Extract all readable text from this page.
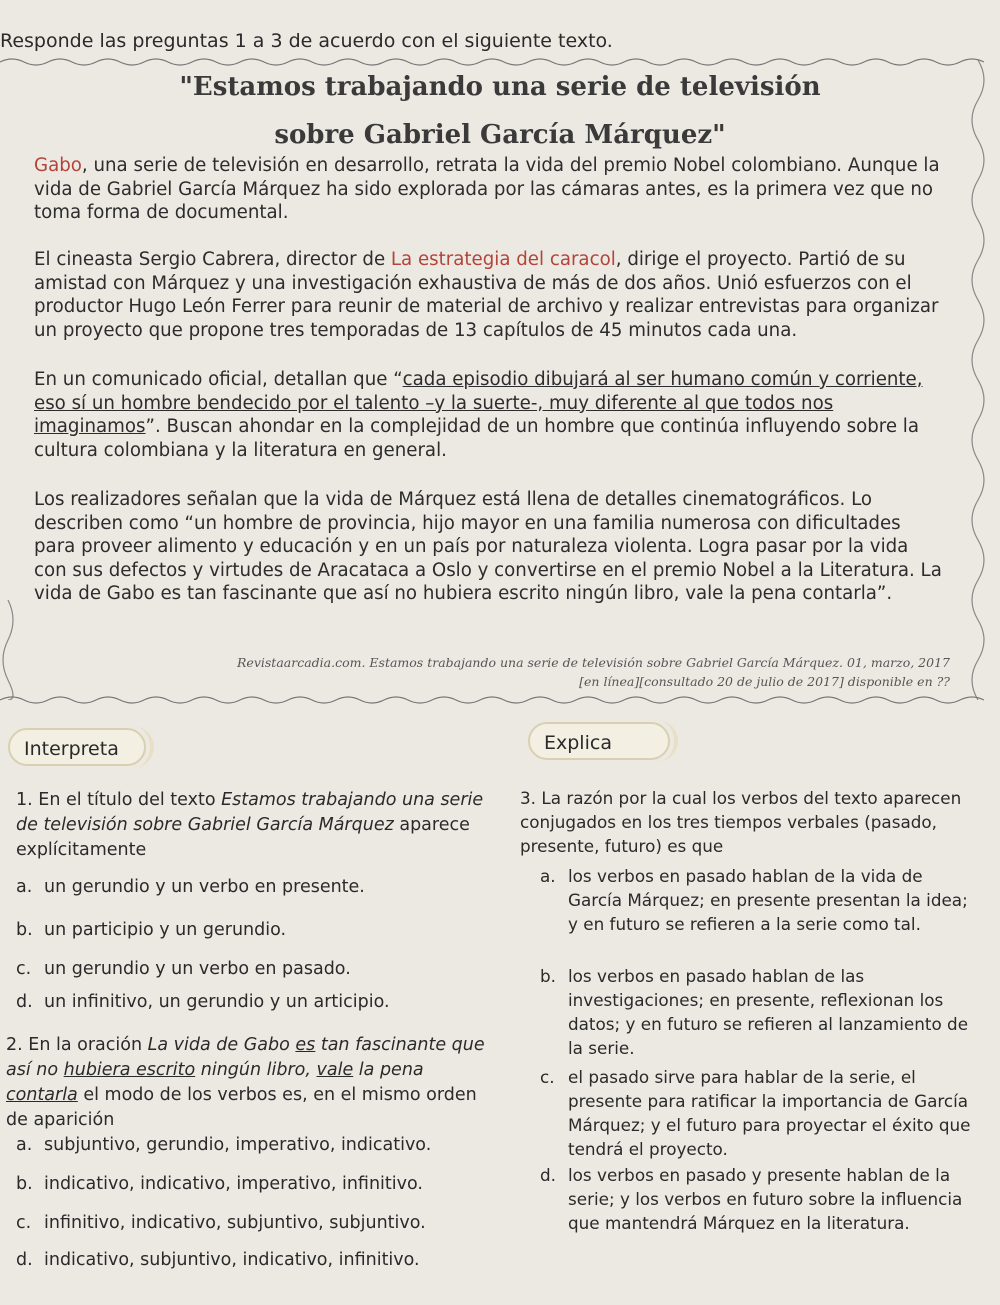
Responde las preguntas 1 a 3 de acuerdo con el siguiente texto.
"Estamos trabajando una serie de televisión
sobre Gabriel García Márquez"

Gabo, una serie de televisión en desarrollo, retrata la vida del premio Nobel colombiano. Aunque la vida de Gabriel García Márquez ha sido explorada por las cámaras antes, es la primera vez que no toma forma de documental.

El cineasta Sergio Cabrera, director de La estrategia del caracol, dirige el proyecto. Partió de su amistad con Márquez y una investigación exhaustiva de más de dos años. Unió esfuerzos con el productor Hugo León Ferrer para reunir de material de archivo y realizar entrevistas para organizar un proyecto que propone tres temporadas de 13 capítulos de 45 minutos cada una.

En un comunicado oficial, detallan que “cada episodio dibujará al ser humano común y corriente, eso sí un hombre bendecido por el talento –y la suerte-, muy diferente al que todos nos imaginamos”. Buscan ahondar en la complejidad de un hombre que continúa influyendo sobre la cultura colombiana y la literatura en general.

Los realizadores señalan que la vida de Márquez está llena de detalles cinematográficos. Lo describen como “un hombre de provincia, hijo mayor en una familia numerosa con dificultades para proveer alimento y educación y en un país por naturaleza violenta. Logra pasar por la vida con sus defectos y virtudes de Aracataca a Oslo y convertirse en el premio Nobel a la Literatura. La vida de Gabo es tan fascinante que así no hubiera escrito ningún libro, vale la pena contarla”.

Revistaarcadia.com. Estamos trabajando una serie de televisión sobre Gabriel García Márquez. 01, marzo, 2017
[en línea][consultado 20 de julio de 2017] disponible en ??
Interpreta	Explica

1. En el título del texto Estamos trabajando una serie de televisión sobre Gabriel García Márquez aparece explícitamente

a. un gerundio y un verbo en presente.
b. un participio y un gerundio.
c. un gerundio y un verbo en pasado.
d. un infinitivo, un gerundio y un articipio.

2. En la oración La vida de Gabo es tan fascinante que así no hubiera escrito ningún libro, vale la pena contarla el modo de los verbos es, en el mismo orden de aparición

a. subjuntivo, gerundio, imperativo, indicativo.
b. indicativo, indicativo, imperativo, infinitivo.
c. infinitivo, indicativo, subjuntivo, subjuntivo.
d. indicativo, subjuntivo, indicativo, infinitivo.

3. La razón por la cual los verbos del texto aparecen conjugados en los tres tiempos verbales (pasado, presente, futuro) es que

a. los verbos en pasado hablan de la vida de García Márquez; en presente presentan la idea; y en futuro se refieren a la serie como tal.
b. los verbos en pasado hablan de las investigaciones; en presente, reflexionan los datos; y en futuro se refieren al lanzamiento de la serie.
c. el pasado sirve para hablar de la serie, el presente para ratificar la importancia de García Márquez; y el futuro para proyectar el éxito que tendrá el proyecto.
d. los verbos en pasado y presente hablan de la serie; y los verbos en futuro sobre la influencia que mantendrá Márquez en la literatura.
